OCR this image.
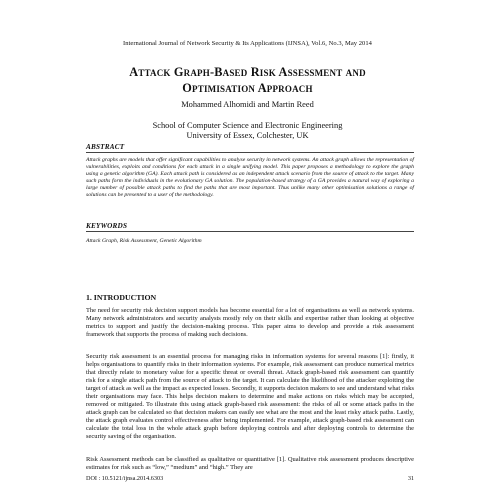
International Journal of Network Security & Its Applications (IJNSA), Vol.6, No.3, May 2014
Attack Graph-Based Risk Assessment and
Optimisation Approach
Mohammed Alhomidi and Martin Reed
School of Computer Science and Electronic Engineering
University of Essex, Colchester, UK
ABSTRACT
Attack graphs are models that offer significant capabilities to analyse security in network systems. An attack graph allows the representation of vulnerabilities, exploits and conditions for each attack in a single unifying model. This paper proposes a methodology to explore the graph using a genetic algorithm (GA). Each attack path is considered as an independent attack scenario from the source of attack to the target. Many such paths form the individuals in the evolutionary GA solution. The population-based strategy of a GA provides a natural way of exploring a large number of possible attack paths to find the paths that are most important. Thus unlike many other optimisation solutions a range of solutions can be presented to a user of the methodology.
KEYWORDS
Attack Graph, Risk Assessment, Genetic Algorithm
1. INTRODUCTION
The need for security risk decision support models has become essential for a lot of organisations as well as network systems. Many network administrators and security analysts mostly rely on their skills and expertise rather than looking at objective metrics to support and justify the decision-making process. This paper aims to develop and provide a risk assessment framework that supports the process of making such decisions.
Security risk assessment is an essential process for managing risks in information systems for several reasons [1]: firstly, it helps organisations to quantify risks in their information systems. For example, risk assessment can produce numerical metrics that directly relate to monetary value for a specific threat or overall threat. Attack graph-based risk assessment can quantify risk for a single attack path from the source of attack to the target. It can calculate the likelihood of the attacker exploiting the target of attack as well as the impact as expected losses. Secondly, it supports decision makers to see and understand what risks their organisations may face. This helps decision makers to determine and make actions on risks which may be accepted, removed or mitigated. To illustrate this using attack graph-based risk assessment: the risks of all or some attack paths in the attack graph can be calculated so that decision makers can easily see what are the most and the least risky attack paths. Lastly, the attack graph evaluates control effectiveness after being implemented. For example, attack graph-based risk assessment can calculate the total loss in the whole attack graph before deploying controls and after deploying controls to determine the security saving of the organisation.
Risk Assessment methods can be classified as qualitative or quantitative [1]. Qualitative risk assessment produces descriptive estimates for risk such as “low,” “medium” and “high.” They are
DOI : 10.5121/ijnsa.2014.6303	31
